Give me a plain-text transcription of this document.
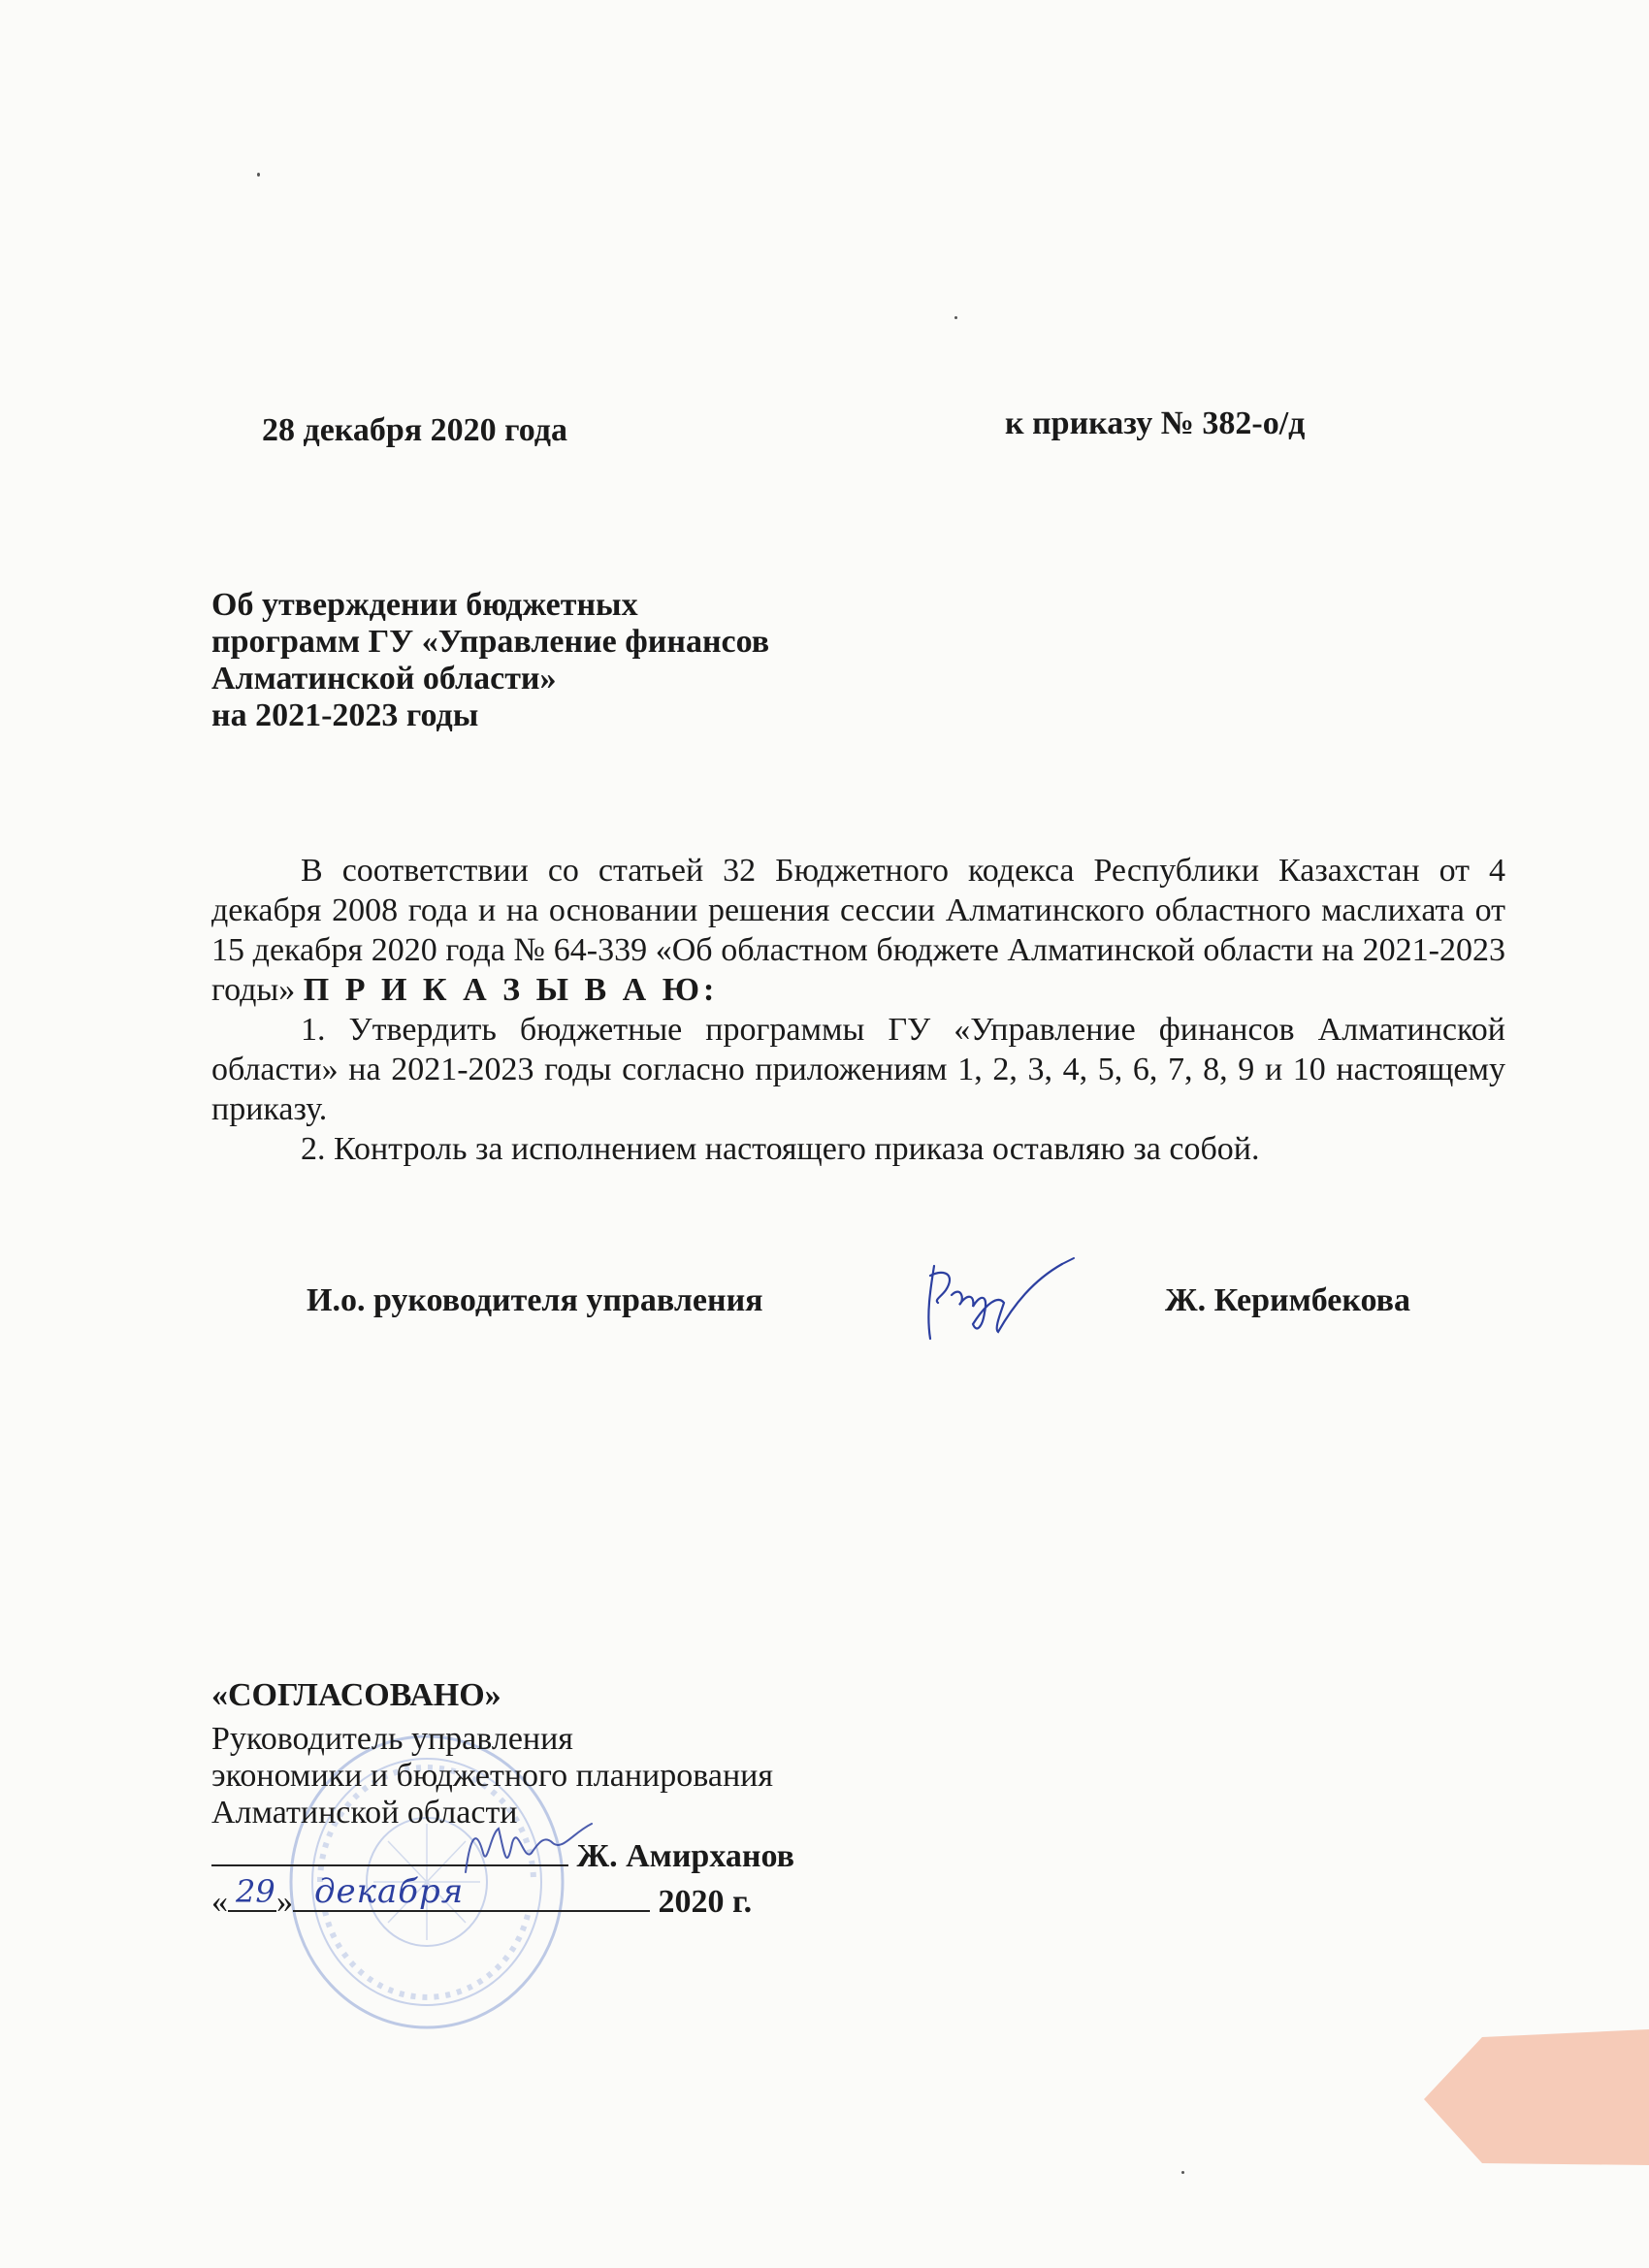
28 декабря 2020 года	к приказу № 382-о/д
Об утверждении бюджетных
программ ГУ «Управление финансов
Алматинской области»
на 2021-2023 годы

В соответствии со статьей 32 Бюджетного кодекса Республики Казахстан от 4 декабря 2008 года и на основании решения сессии Алматинского областного маслихата от 15 декабря 2020 года № 64-339 «Об областном бюджете Алматинской области на 2021-2023 годы» П Р И К А З Ы В А Ю:

1. Утвердить бюджетные программы ГУ «Управление финансов Алматинской области» на 2021-2023 годы согласно приложениям 1, 2, 3, 4, 5, 6, 7, 8, 9 и 10 настоящему приказу.

2. Контроль за исполнением настоящего приказа оставляю за собой.

И.о. руководителя управления	Ж. Керимбекова
«СОГЛАСОВАНО»
Руководитель управления
экономики и бюджетного планирования
Алматинской области
Ж. Амирханов
« 29 » декабря	2020 г.
